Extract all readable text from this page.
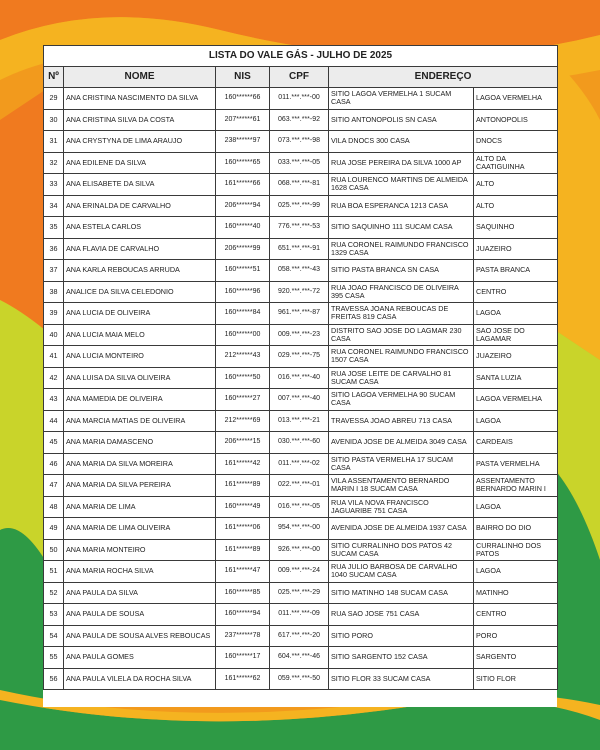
LISTA DO VALE GÁS - JULHO DE 2025					
Nº	NOME	NIS	CPF	ENDEREÇO	
29	ANA CRISTINA NASCIMENTO DA SILVA	160******66	011.***.***-00	SITIO LAGOA VERMELHA 1 SUCAM CASA	LAGOA VERMELHA
30	ANA CRISTINA SILVA DA COSTA	207******61	063.***.***-92	SITIO ANTONOPOLIS SN CASA	ANTONOPOLIS
31	ANA CRYSTYNA DE LIMA ARAUJO	238******97	073.***.***-98	VILA DNOCS 300 CASA	DNOCS
32	ANA EDILENE DA SILVA	160******65	033.***.***-05	RUA JOSE PEREIRA DA SILVA 1000 AP	ALTO DA CAATIGUINHA
33	ANA ELISABETE DA SILVA	161******66	068.***.***-81	RUA LOURENCO MARTINS DE ALMEIDA 1628 CASA	ALTO
34	ANA ERINALDA DE CARVALHO	206******94	025.***.***-99	RUA BOA ESPERANCA 1213 CASA	ALTO
35	ANA ESTELA CARLOS	160******40	776.***.***-53	SITIO SAQUINHO 111 SUCAM CASA	SAQUINHO
36	ANA FLAVIA DE CARVALHO	206******99	651.***.***-91	RUA CORONEL RAIMUNDO FRANCISCO 1329 CASA	JUAZEIRO
37	ANA KARLA REBOUCAS ARRUDA	160******51	058.***.***-43	SITIO PASTA BRANCA SN CASA	PASTA BRANCA
38	ANALICE DA SILVA CELEDONIO	160******96	920.***.***-72	RUA JOAO FRANCISCO DE OLIVEIRA 395 CASA	CENTRO
39	ANA LUCIA DE OLIVEIRA	160******84	961.***.***-87	TRAVESSA JOANA REBOUCAS DE FREITAS 819 CASA	LAGOA
40	ANA LUCIA MAIA MELO	160******00	009.***.***-23	DISTRITO SAO JOSE DO LAGMAR 230 CASA	SAO JOSE DO LAGAMAR
41	ANA LUCIA MONTEIRO	212******43	029.***.***-75	RUA CORONEL RAIMUNDO FRANCISCO 1507 CASA	JUAZEIRO
42	ANA LUISA DA SILVA OLIVEIRA	160******50	016.***.***-40	RUA JOSE LEITE DE CARVALHO 81 SUCAM CASA	SANTA LUZIA
43	ANA MAMEDIA DE OLIVEIRA	160******27	007.***.***-40	SITIO LAGOA VERMELHA 90 SUCAM CASA	LAGOA VERMELHA
44	ANA MARCIA MATIAS DE OLIVEIRA	212******69	013.***.***-21	TRAVESSA JOAO ABREU 713 CASA	LAGOA
45	ANA MARIA DAMASCENO	206******15	030.***.***-60	AVENIDA JOSE DE ALMEIDA 3049 CASA	CARDEAIS
46	ANA MARIA DA SILVA MOREIRA	161******42	011.***.***-02	SITIO PASTA VERMELHA 17 SUCAM CASA	PASTA VERMELHA
47	ANA MARIA DA SILVA PEREIRA	161******89	022.***.***-01	VILA ASSENTAMENTO BERNARDO MARIN I 18 SUCAM CASA	ASSENTAMENTO BERNARDO MARIN I
48	ANA MARIA DE LIMA	160******49	016.***.***-05	RUA VILA NOVA FRANCISCO JAGUARIBE 751 CASA	LAGOA
49	ANA MARIA DE LIMA OLIVEIRA	161******06	954.***.***-00	AVENIDA JOSE DE ALMEIDA 1937 CASA	BAIRRO DO DIO
50	ANA MARIA MONTEIRO	161******89	926.***.***-00	SITIO CURRALINHO DOS PATOS 42 SUCAM CASA	CURRALINHO DOS PATOS
51	ANA MARIA ROCHA SILVA	161******47	009.***.***-24	RUA JULIO BARBOSA DE CARVALHO 1040 SUCAM CASA	LAGOA
52	ANA PAULA DA SILVA	160******85	025.***.***-29	SITIO MATINHO 148 SUCAM CASA	MATINHO
53	ANA PAULA DE SOUSA	160******94	011.***.***-09	RUA SAO JOSE 751 CASA	CENTRO
54	ANA PAULA DE SOUSA ALVES REBOUCAS	237******78	617.***.***-20	SITIO PORO	PORO
55	ANA PAULA GOMES	160******17	604.***.***-46	SITIO SARGENTO 152 CASA	SARGENTO
56	ANA PAULA VILELA DA ROCHA SILVA	161******62	059.***.***-50	SITIO FLOR 33 SUCAM CASA	SITIO FLOR
